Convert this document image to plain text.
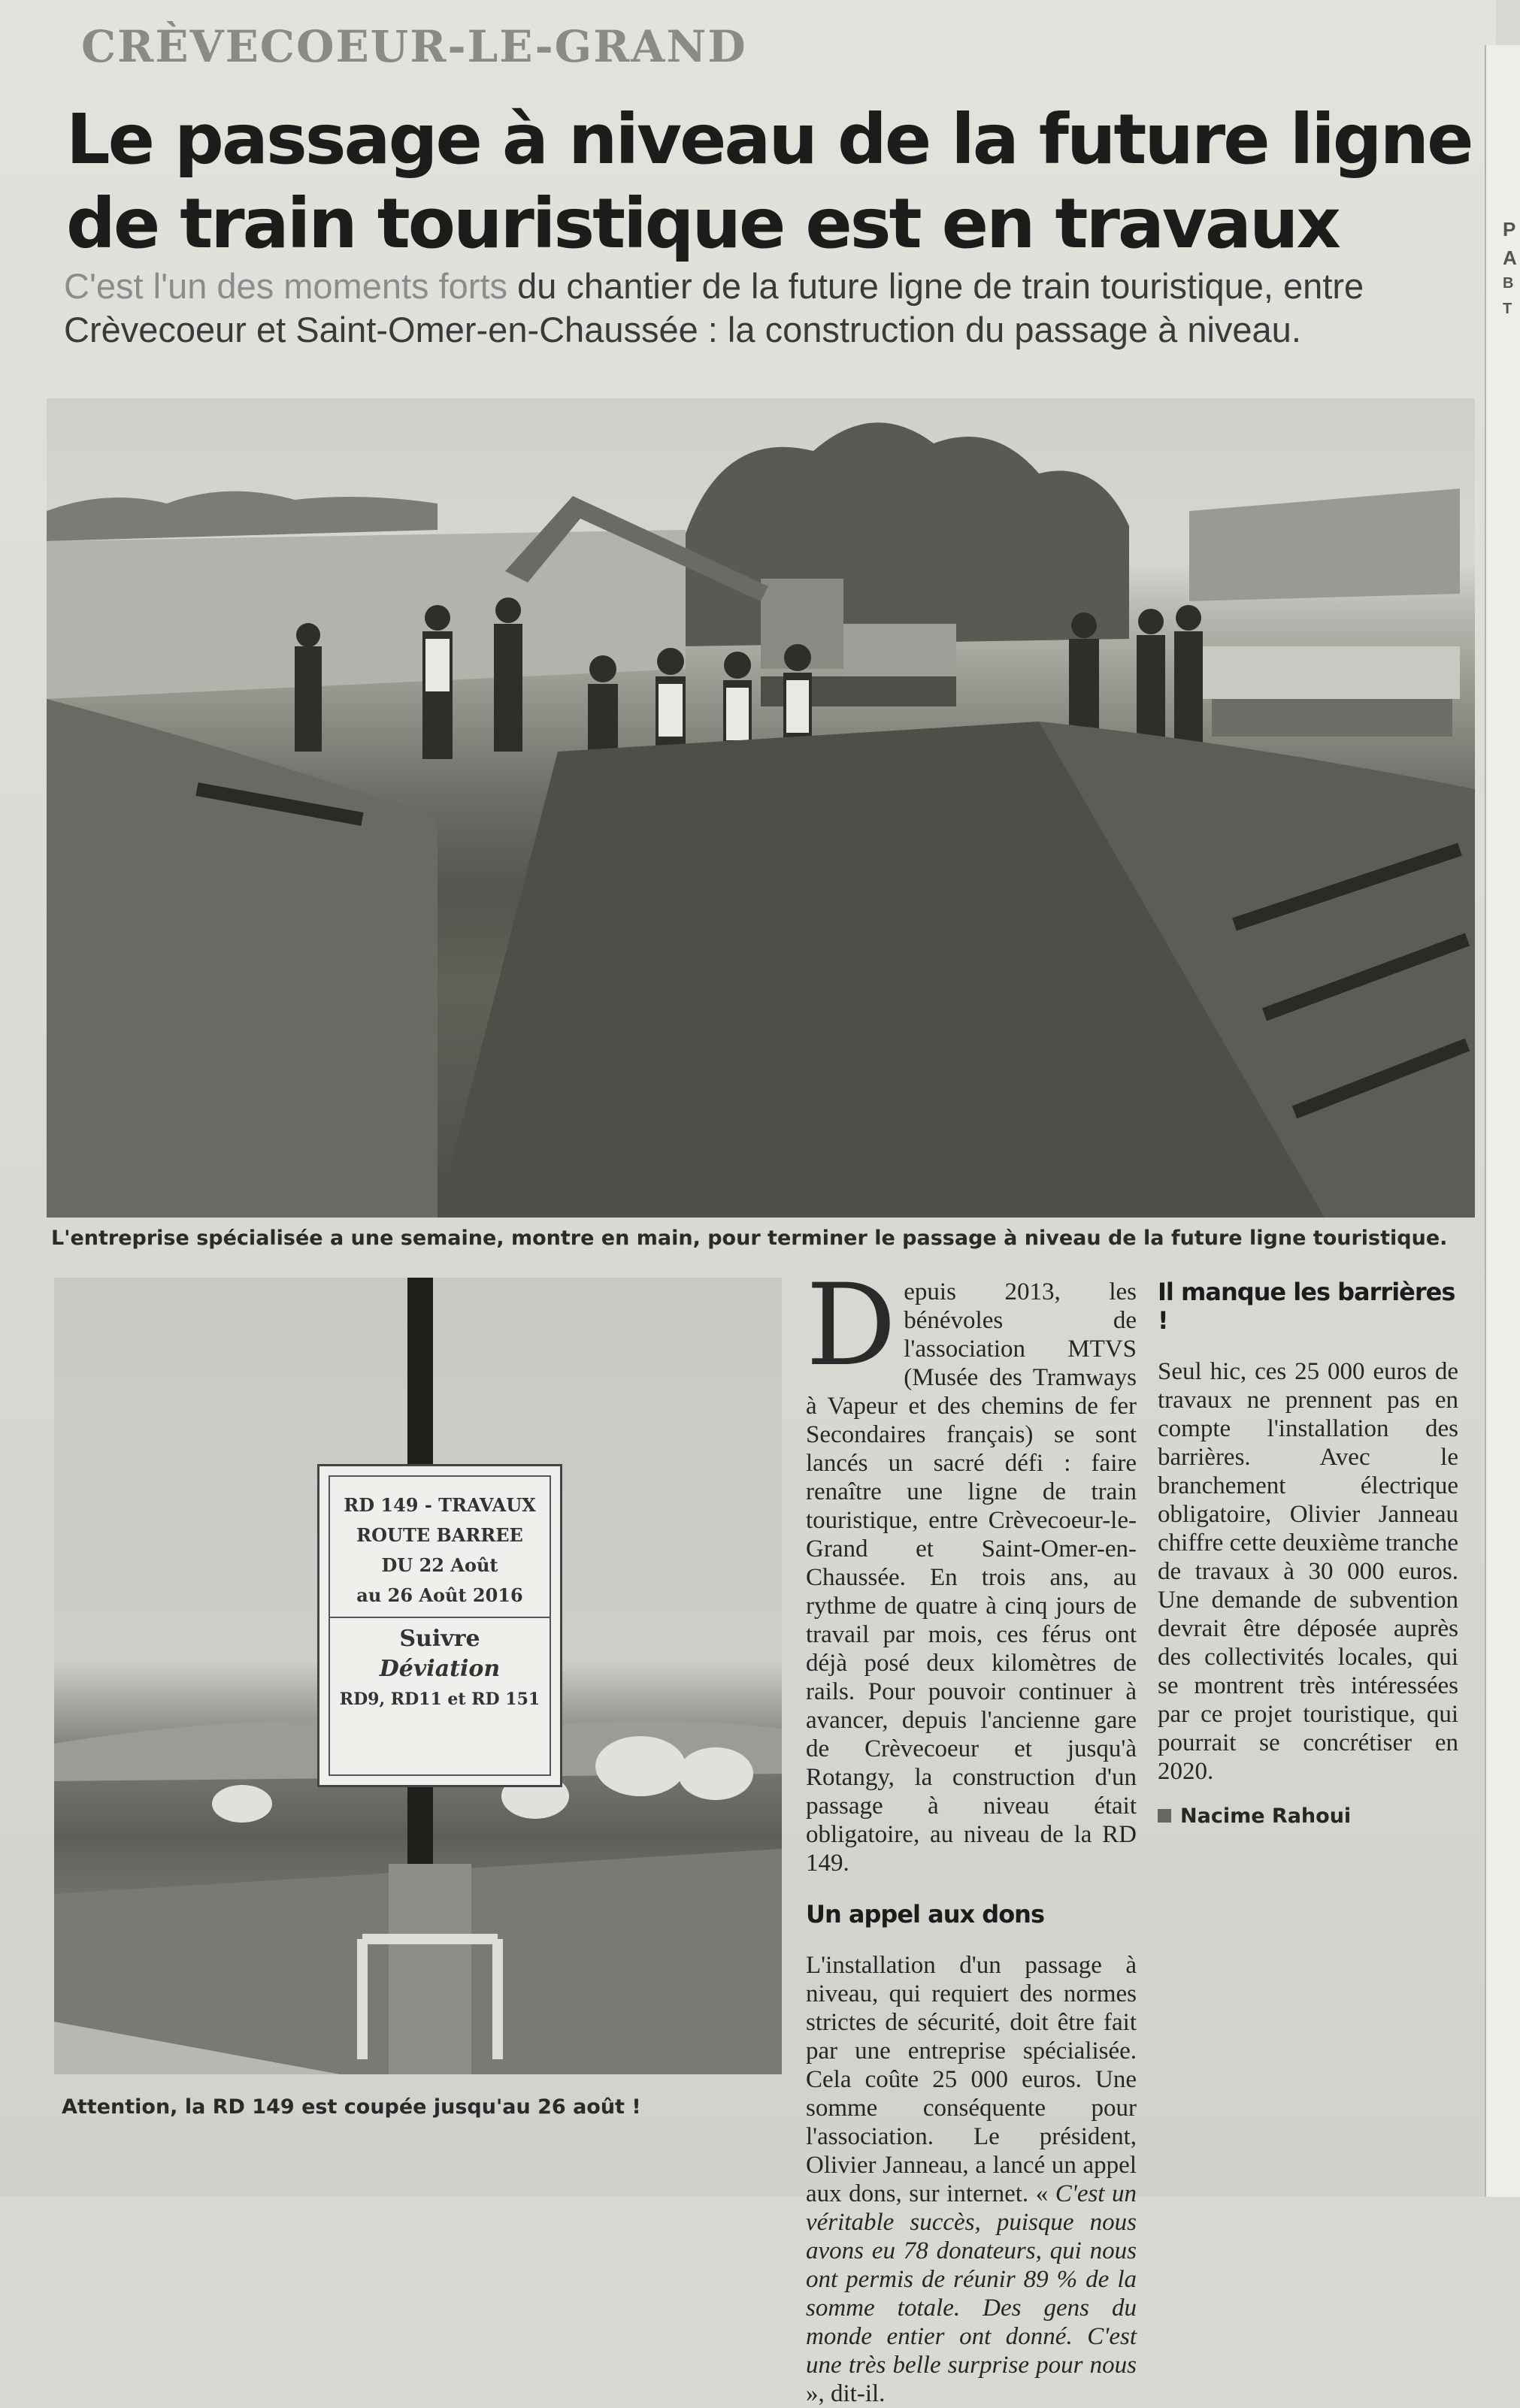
P
A
B
T
CRÈVECOEUR-LE-GRAND
Le passage à niveau de la future ligne
de train touristique est en travaux
C'est l'un des moments forts du chantier de la future ligne de train touristique, entre
Crèvecoeur et Saint-Omer-en-Chaussée : la construction du passage à niveau.
L'entreprise spécialisée a une semaine, montre en main, pour terminer le passage à niveau de la future ligne touristique.
RD 149 - TRAVAUX
ROUTE BARREE
DU 22 Août
au 26 Août 2016
Suivre
Déviation
RD9, RD11 et RD 151
Attention, la RD 149 est coupée jusqu'au 26 août !

Depuis 2013, les bénévoles de l'association MTVS (Musée des Tramways à Vapeur et des chemins de fer Secondaires français) se sont lancés un sacré défi : faire renaître une ligne de train touristique, entre Crèvecoeur-le-Grand et Saint-Omer-en-Chaussée. En trois ans, au rythme de quatre à cinq jours de travail par mois, ces férus ont déjà posé deux kilomètres de rails. Pour pouvoir continuer à avancer, depuis l'ancienne gare de Crèvecoeur et jusqu'à Rotangy, la construction d'un passage à niveau était obligatoire, au niveau de la RD 149.

Un appel aux dons

L'installation d'un passage à niveau, qui requiert des normes strictes de sécurité, doit être fait par une entreprise spécialisée. Cela coûte 25 000 euros. Une somme conséquente pour l'association. Le président, Olivier Janneau, a lancé un appel aux dons, sur internet. « C'est un véritable succès, puisque nous avons eu 78 donateurs, qui nous ont permis de réunir 89 % de la somme totale. Des gens du monde entier ont donné. C'est une très belle surprise pour nous », dit-il.

Il manque les barrières !

Seul hic, ces 25 000 euros de travaux ne prennent pas en compte l'installation des barrières. Avec le branchement électrique obligatoire, Olivier Janneau chiffre cette deuxième tranche de travaux à 30 000 euros. Une demande de subvention devrait être déposée auprès des collectivités locales, qui se montrent très intéressées par ce projet touristique, qui pourrait se concrétiser en 2020.

Nacime Rahoui
